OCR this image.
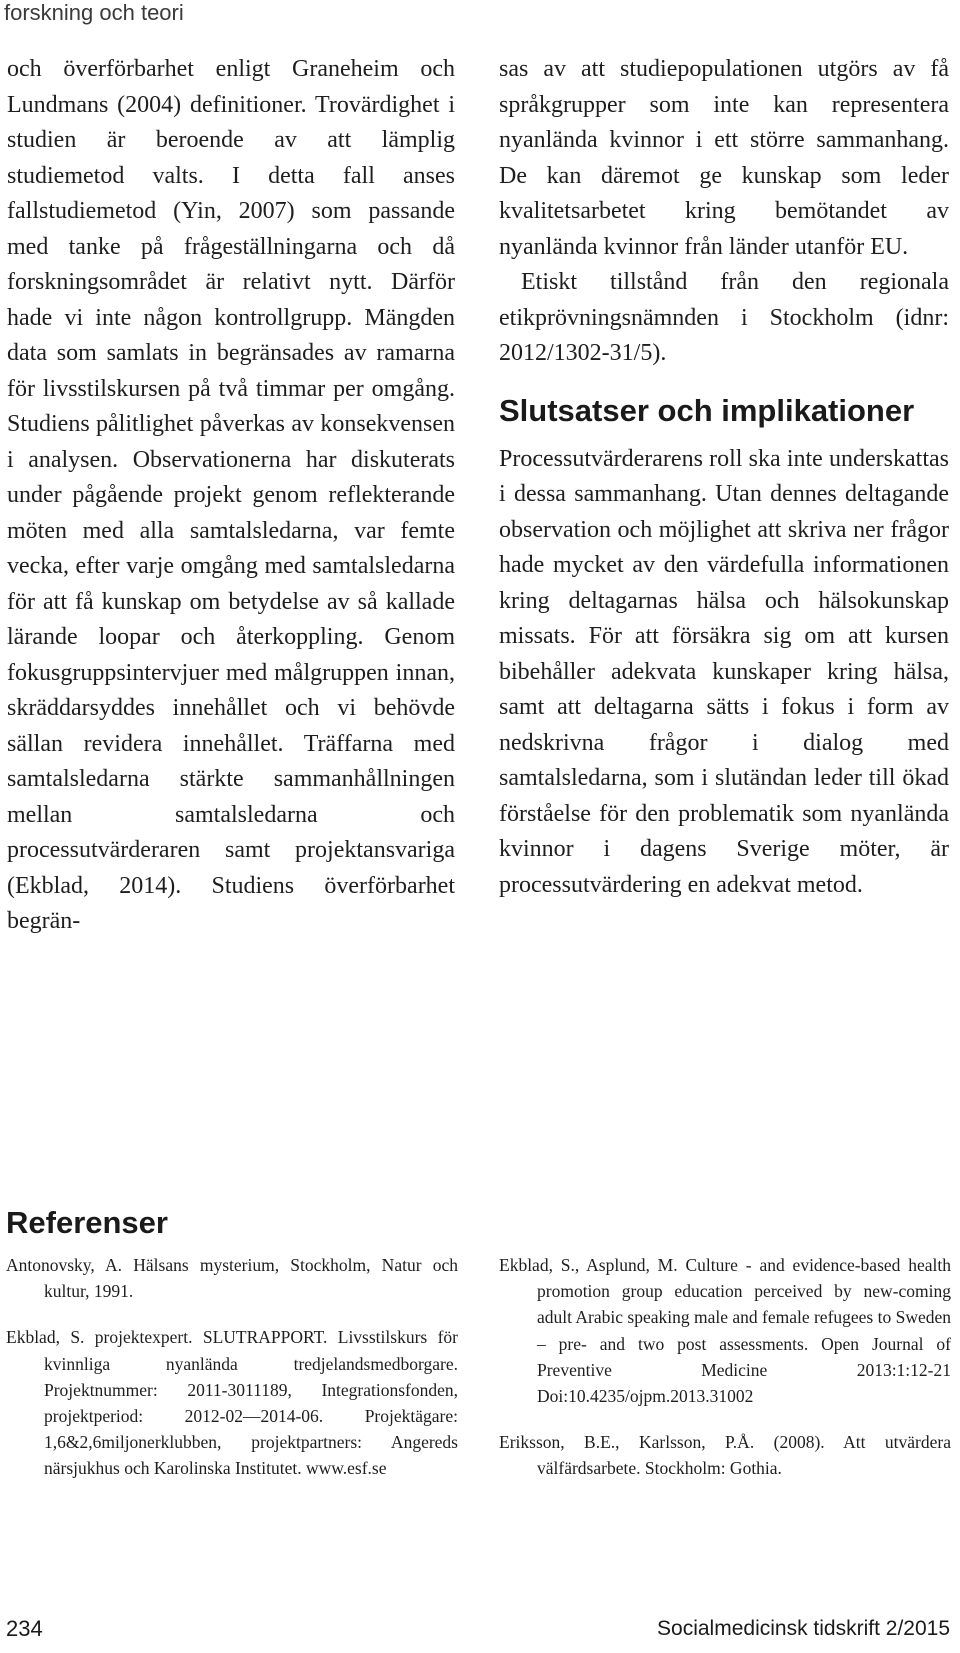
forskning och teori

och överförbarhet enligt Graneheim och Lundmans (2004) definitioner. Trovärdighet i studien är beroende av att lämplig studiemetod valts. I detta fall anses fallstudiemetod (Yin, 2007) som passande med tanke på frågeställningarna och då forskningsområdet är relativt nytt. Därför hade vi inte någon kontrollgrupp. Mängden data som samlats in begränsades av ramarna för livsstilskursen på två timmar per omgång. Studiens pålitlighet påverkas av konsekvensen i analysen. Observationerna har diskuterats under pågående projekt genom reflekterande möten med alla samtalsledarna, var femte vecka, efter varje omgång med samtalsledarna för att få kunskap om betydelse av så kallade lärande loopar och återkoppling. Genom fokusgruppsintervjuer med målgruppen innan, skräddarsyddes innehållet och vi behövde sällan revidera innehållet. Träffarna med samtalsledarna stärkte sammanhållningen mellan samtalsledarna och processutvärderaren samt projektansvariga (Ekblad, 2014). Studiens överförbarhet begrän-

sas av att studiepopulationen utgörs av få språkgrupper som inte kan representera nyanlända kvinnor i ett större sammanhang. De kan däremot ge kunskap som leder kvalitetsarbetet kring bemötandet av nyanlända kvinnor från länder utanför EU.

Etiskt tillstånd från den regionala etikprövningsnämnden i Stockholm (idnr: 2012/1302-31/5).

Slutsatser och implikationer

Processutvärderarens roll ska inte underskattas i dessa sammanhang. Utan dennes deltagande observation och möjlighet att skriva ner frågor hade mycket av den värdefulla informationen kring deltagarnas hälsa och hälsokunskap missats. För att försäkra sig om att kursen bibehåller adekvata kunskaper kring hälsa, samt att deltagarna sätts i fokus i form av nedskrivna frågor i dialog med samtalsledarna, som i slutändan leder till ökad förståelse för den problematik som nyanlända kvinnor i dagens Sverige möter, är processutvärdering en adekvat metod.

Referenser

Antonovsky, A. Hälsans mysterium, Stockholm, Natur och kultur, 1991.

Ekblad, S. projektexpert. SLUTRAPPORT. Livsstilskurs för kvinnliga nyanlända tredjelandsmedborgare. Projektnummer: 2011-3011189, Integrationsfonden, projektperiod: 2012-02—2014-06. Projektägare: 1,6&2,6miljonerklubben, projektpartners: Angereds närsjukhus och Karolinska Institutet. www.esf.se

Ekblad, S., Asplund, M. Culture - and evidence-based health promotion group education perceived by new-coming adult Arabic speaking male and female refugees to Sweden – pre- and two post assessments. Open Journal of Preventive Medicine 2013:1:12-21 Doi:10.4235/ojpm.2013.31002

Eriksson, B.E., Karlsson, P.Å. (2008). Att utvärdera välfärdsarbete. Stockholm: Gothia.

234	Socialmedicinsk tidskrift 2/2015
